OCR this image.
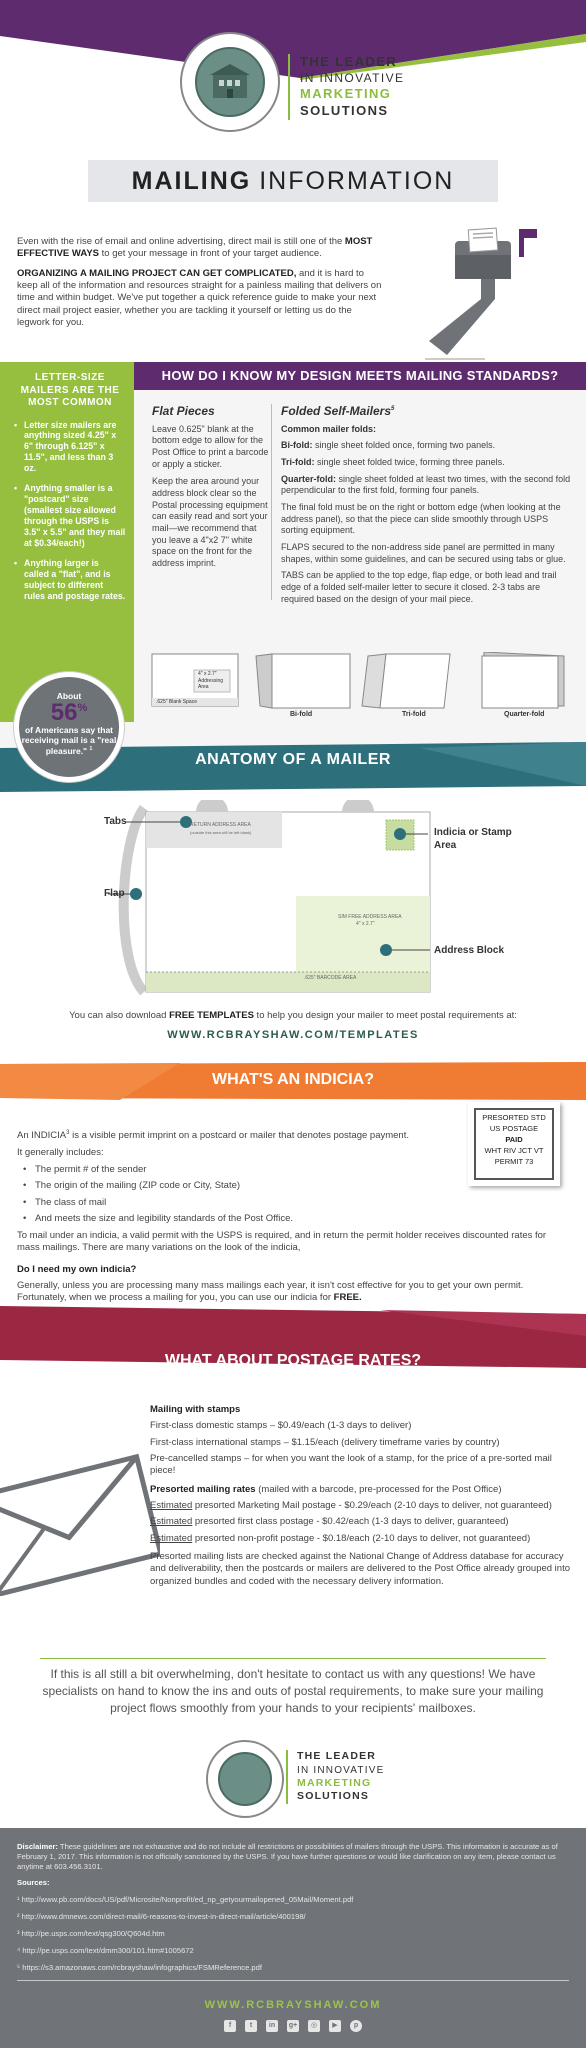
THE LEADER
IN INNOVATIVE
MARKETING
SOLUTIONS
MAILING INFORMATION

Even with the rise of email and online advertising, direct mail is still one of the MOST EFFECTIVE WAYS to get your message in front of your target audience.

ORGANIZING A MAILING PROJECT CAN GET COMPLICATED, and it is hard to keep all of the information and resources straight for a painless mailing that delivers on time and within budget. We've put together a quick reference guide to make your next direct mail project easier, whether you are tackling it yourself or letting us do the legwork for you.

LETTER-SIZE MAILERS ARE THE MOST COMMON
• Letter size mailers are anything sized 4.25" x 6" through 6.125" x 11.5", and less than 3 oz.
• Anything smaller is a "postcard" size (smallest size allowed through the USPS is 3.5" x 5.5" and they mail at $0.34/each!)
• Anything larger is called a "flat", and is subject to different rules and postage rates.
HOW DO I KNOW MY DESIGN MEETS MAILING STANDARDS?
Flat Pieces

Leave 0.625" blank at the bottom edge to allow for the Post Office to print a barcode or apply a sticker.

Keep the area around your address block clear so the Postal processing equipment can easily read and sort your mail—we recommend that you leave a 4"x2 7" white space on the front for the address imprint.

Folded Self-Mailers$^5$

Common mailer folds:

Bi-fold: single sheet folded once, forming two panels.

Tri-fold: single sheet folded twice, forming three panels.

Quarter-fold: single sheet folded at least two times, with the second fold perpendicular to the first fold, forming four panels.

The final fold must be on the right or bottom edge (when looking at the address panel), so that the piece can slide smoothly through USPS sorting equipment.

FLAPS secured to the non-address side panel are permitted in many shapes, within some guidelines, and can be secured using tabs or glue.

TABS can be applied to the top edge, flap edge, or both lead and trail edge of a folded self-mailer letter to secure it closed. 2-3 tabs are required based on the design of your mail piece.

4" x 2.7" Addressing Area
.625" Blank Space
Bi-fold	Tri-fold	Quarter-fold
About
56%
of Americans say that receiving mail is a "real pleasure." $^1$
ANATOMY OF A MAILER
Tabs
Flap
Indicia or Stamp Area
Address Block
RETURN ADDRESS AREA
(outside this area will be left blank)
SIM FREE ADDRESS AREA
4" x 2.7"
.625" BARCODE AREA
You can also download FREE TEMPLATES to help you design your mailer to meet postal requirements at:
WWW.RCBRAYSHAW.COM/TEMPLATES
WHAT'S AN INDICIA?
PRESORTED STD
US POSTAGE
PAID
WHT RIV JCT VT
PERMIT 73

An INDICIA$^3$ is a visible permit imprint on a postcard or mailer that denotes postage payment.

It generally includes:

• The permit # of the sender
• The origin of the mailing (ZIP code or City, State)
• The class of mail
• And meets the size and legibility standards of the Post Office.

To mail under an indicia, a valid permit with the USPS is required, and in return the permit holder receives discounted rates for mass mailings. There are many variations on the look of the indicia,

Do I need my own indicia?

Generally, unless you are processing many mass mailings each year, it isn't cost effective for you to get your own permit. Fortunately, when we process a mailing for you, you can use our indicia for FREE.

WHAT ABOUT POSTAGE RATES?

Mailing with stamps

First-class domestic stamps – $0.49/each (1-3 days to deliver)

First-class international stamps – $1.15/each (delivery timeframe varies by country)

Pre-cancelled stamps – for when you want the look of a stamp, for the price of a pre-sorted mail piece!

Presorted mailing rates (mailed with a barcode, pre-processed for the Post Office)

Estimated presorted Marketing Mail postage - $0.29/each (2-10 days to deliver, not guaranteed)

Estimated presorted first class postage - $0.42/each (1-3 days to deliver, guaranteed)

Estimated presorted non-profit postage - $0.18/each (2-10 days to deliver, not guaranteed)

Presorted mailing lists are checked against the National Change of Address database for accuracy and deliverability, then the postcards or mailers are delivered to the Post Office already grouped into organized bundles and coded with the necessary delivery information.

If this is all still a bit overwhelming, don't hesitate to contact us with any questions! We have specialists on hand to know the ins and outs of postal requirements, to make sure your mailing project flows smoothly from your hands to your recipients' mailboxes.
THE LEADER
IN INNOVATIVE
MARKETING
SOLUTIONS

Disclaimer: These guidelines are not exhaustive and do not include all restrictions or possibilities of mailers through the USPS. This information is accurate as of February 1, 2017. This information is not officially sanctioned by the USPS. If you have further questions or would like clarification on any item, please contact us anytime at 603.456.3101.

Sources:

¹ http://www.pb.com/docs/US/pdf/Microsite/Nonprofit/ed_np_getyourmailopened_05Mail/Moment.pdf
² http://www.dmnews.com/direct-mail/6-reasons-to-invest-in-direct-mail/article/400198/
³ http://pe.usps.com/text/qsg300/Q604d.htm
⁴ http://pe.usps.com/text/dmm300/101.htm#1005672
⁵ https://s3.amazonaws.com/rcbrayshaw/infographics/FSMReference.pdf
WWW.RCBRAYSHAW.COM
f	t	in	g+	◎	▶	p
